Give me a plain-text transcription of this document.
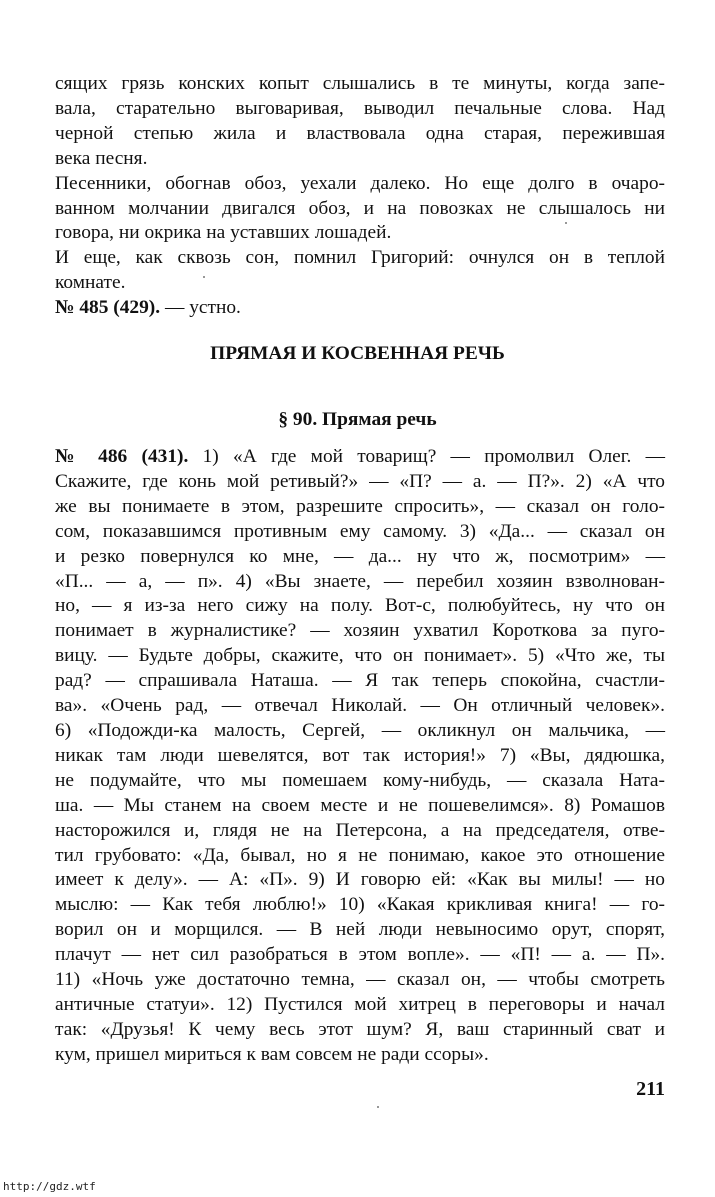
сящих грязь конских копыт слышались в те минуты, когда запе-
вала, старательно выговаривая, выводил печальные слова. Над
черной степью жила и властвовала одна старая, пережившая
века песня.
Песенники, обогнав обоз, уехали далеко. Но еще долго в очаро-
ванном молчании двигался обоз, и на повозках не слышалось ни
говора, ни окрика на уставших лошадей.
И еще, как сквозь сон, помнил Григорий: очнулся он в теплой
комнате.
№ 485 (429). — устно.
ПРЯМАЯ И КОСВЕННАЯ РЕЧЬ
§ 90. Прямая речь
№ 486 (431). 1) «А где мой товарищ? — промолвил Олег. —
Скажите, где конь мой ретивый?» — «П? — а. — П?». 2) «А что
же вы понимаете в этом, разрешите спросить», — сказал он голо-
сом, показавшимся противным ему самому. 3) «Да... — сказал он
и резко повернулся ко мне, — да... ну что ж, посмотрим» —
«П... — а, — п». 4) «Вы знаете, — перебил хозяин взволнован-
но, — я из-за него сижу на полу. Вот-с, полюбуйтесь, ну что он
понимает в журналистике? — хозяин ухватил Короткова за пуго-
вицу. — Будьте добры, скажите, что он понимает». 5) «Что же, ты
рад? — спрашивала Наташа. — Я так теперь спокойна, счастли-
ва». «Очень рад, — отвечал Николай. — Он отличный человек».
6) «Подожди-ка малость, Сергей, — окликнул он мальчика, —
никак там люди шевелятся, вот так история!» 7) «Вы, дядюшка,
не подумайте, что мы помешаем кому-нибудь, — сказала Ната-
ша. — Мы станем на своем месте и не пошевелимся». 8) Ромашов
насторожился и, глядя не на Петерсона, а на председателя, отве-
тил грубовато: «Да, бывал, но я не понимаю, какое это отношение
имеет к делу». — А: «П». 9) И говорю ей: «Как вы милы! — но
мыслю: — Как тебя люблю!» 10) «Какая крикливая книга! — го-
ворил он и морщился. — В ней люди невыносимо орут, спорят,
плачут — нет сил разобраться в этом вопле». — «П! — а. — П».
11) «Ночь уже достаточно темна, — сказал он, — чтобы смотреть
античные статуи». 12) Пустился мой хитрец в переговоры и начал
так: «Друзья! К чему весь этот шум? Я, ваш старинный сват и
кум, пришел мириться к вам совсем не ради ссоры».
211
http://gdz.wtf
